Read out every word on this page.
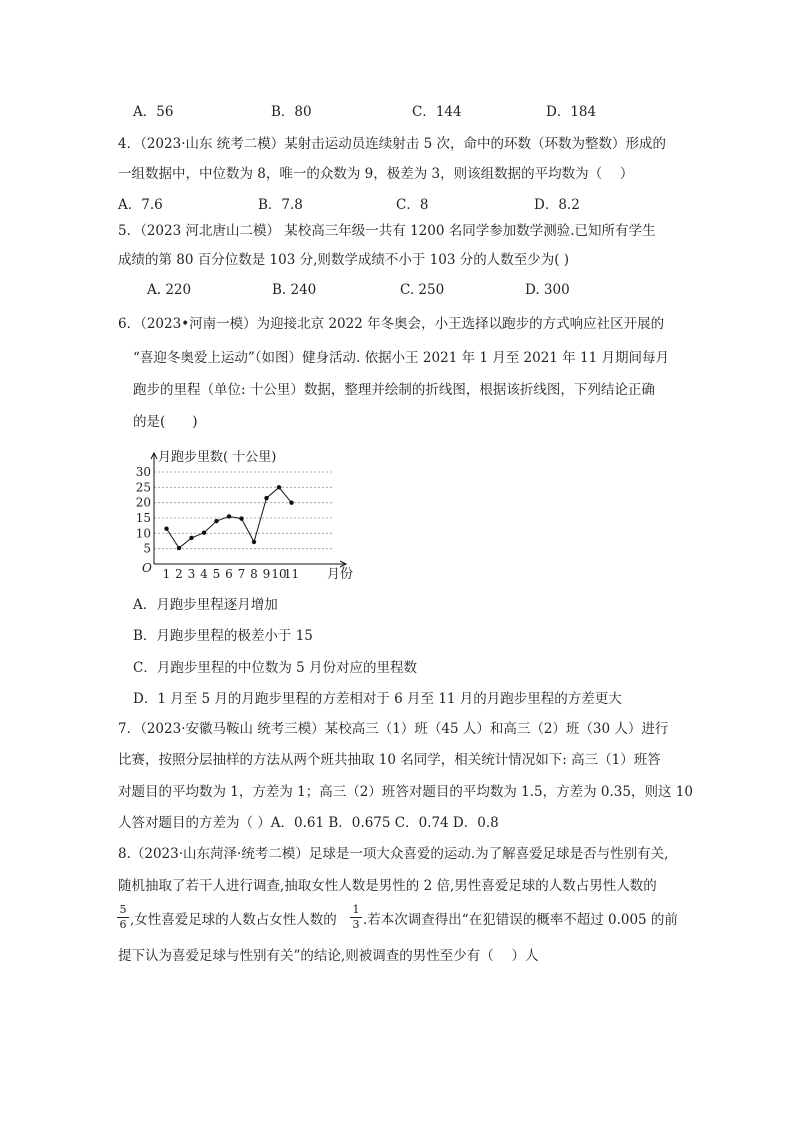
A．56	B．80	C．144	D．184
4．（2023·山东 统考二模）某射击运动员连续射击 5 次，命中的环数（环数为整数）形成的
一组数据中，中位数为 8，唯一的众数为 9，极差为 3，则该组数据的平均数为（　 ）
A．7.6	B．7.8	C．8	D．8.2
5．（2023 河北唐山二模） 某校高三年级一共有 1200 名同学参加数学测验.已知所有学生
成绩的第 80 百分位数是 103 分,则数学成绩不小于 103 分的人数至少为( )
A. 220	B. 240	C. 250	D. 300
6．（2023•河南一模）为迎接北京 2022 年冬奥会，小王选择以跑步的方式响应社区开展的
“喜迎冬奥爱上运动”（如图）健身活动. 依据小王 2021 年 1 月至 2021 年 11 月期间每月
跑步的里程（单位: 十公里）数据，整理并绘制的折线图，根据该折线图，下列结论正确
的是(　　)
月跑步里数( 十公里)
5
10
15
20
25
30
O 1 2 3 4 5 6 7 8 9 10
11 月份
A．月跑步里程逐月增加
B．月跑步里程的极差小于 15
C．月跑步里程的中位数为 5 月份对应的里程数
D．1 月至 5 月的月跑步里程的方差相对于 6 月至 11 月的月跑步里程的方差更大
7．（2023·安徽马鞍山 统考三模）某校高三（1）班（45 人）和高三（2）班（30 人）进行
比赛，按照分层抽样的方法从两个班共抽取 10 名同学，相关统计情况如下: 高三（1）班答
对题目的平均数为 1，方差为 1；高三（2）班答对题目的平均数为 1.5，方差为 0.35，则这 10
人答对题目的方差为（ ）A．0.61 B．0.675 C．0.74 D．0.8
8.（2023·山东菏泽·统考二模）足球是一项大众喜爱的运动.为了解喜爱足球是否与性别有关,
随机抽取了若干人进行调查,抽取女性人数是男性的 2 倍,男性喜爱足球的人数占男性人数的
5
6 ,女性喜爱足球的人数占女性人数的
1
3 .若本次调查得出“在犯错误的概率不超过 0.005 的前
提下认为喜爱足球与性别有关”的结论,则被调查的男性至少有（　 ）人
